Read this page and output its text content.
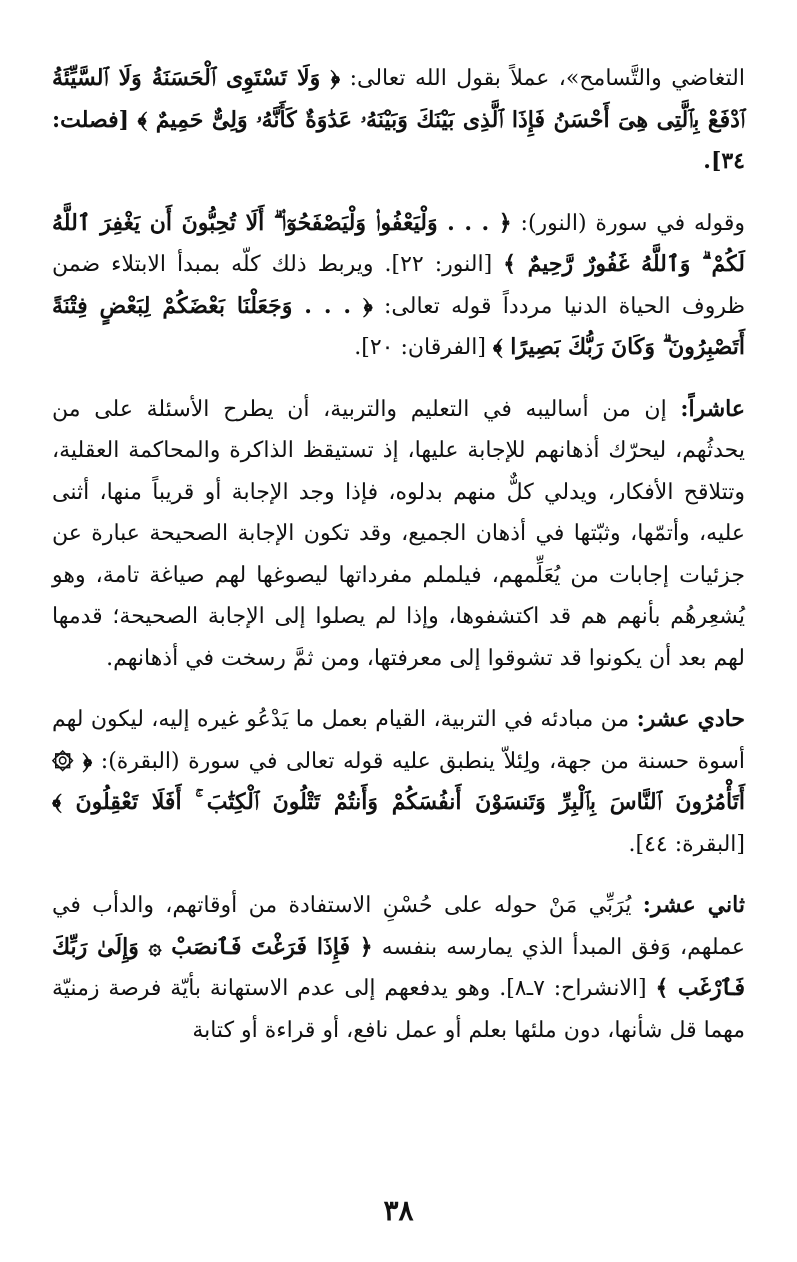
التغاضي والتَّسامح»، عملاً بقول الله تعالى: ﴿ وَلَا تَسْتَوِى ٱلْحَسَنَةُ وَلَا ٱلسَّيِّئَةُ ٱدْفَعْ بِٱلَّتِى هِىَ أَحْسَنُ فَإِذَا ٱلَّذِى بَيْنَكَ وَبَيْنَهُۥ عَدَٰوَةٌ كَأَنَّهُۥ وَلِىٌّ حَمِيمٌ ﴾ [فصلت: ٣٤].

وقوله في سورة (النور): ﴿ . . . وَلْيَعْفُوا۟ وَلْيَصْفَحُوٓا۟ ۗ أَلَا تُحِبُّونَ أَن يَغْفِرَ ٱللَّهُ لَكُمْ ۗ وَٱللَّهُ غَفُورٌ رَّحِيمٌ ﴾ [النور: ٢٢]. ويربط ذلك كلّه بمبدأ الابتلاء ضمن ظروف الحياة الدنيا مردداً قوله تعالى: ﴿ . . . وَجَعَلْنَا بَعْضَكُمْ لِبَعْضٍ فِتْنَةً أَتَصْبِرُونَ ۗ وَكَانَ رَبُّكَ بَصِيرًا ﴾ [الفرقان: ٢٠].

عاشراً: إن من أساليبه في التعليم والتربية، أن يطرح الأسئلة على من يحدثُهم، ليحرّك أذهانهم للإجابة عليها، إذ تستيقظ الذاكرة والمحاكمة العقلية، وتتلاقح الأفكار، ويدلي كلٌّ منهم بدلوه، فإذا وجد الإجابة أو قريباً منها، أثنى عليه، وأتمّها، وثبّتها في أذهان الجميع، وقد تكون الإجابة الصحيحة عبارة عن جزئيات إجابات من يُعَلِّمهم، فيلملم مفرداتها ليصوغها لهم صياغة تامة، وهو يُشعِرهُم بأنهم هم قد اكتشفوها، وإذا لم يصلوا إلى الإجابة الصحيحة؛ قدمها لهم بعد أن يكونوا قد تشوقوا إلى معرفتها، ومن ثمَّ رسخت في أذهانهم.

حادي عشر: من مبادئه في التربية، القيام بعمل ما يَدْعُو غيره إليه، ليكون لهم أسوة حسنة من جهة، ولِئلاّ ينطبق عليه قوله تعالى في سورة (البقرة): ﴿ ۞ أَتَأْمُرُونَ ٱلنَّاسَ بِٱلْبِرِّ وَتَنسَوْنَ أَنفُسَكُمْ وَأَنتُمْ تَتْلُونَ ٱلْكِتَٰبَ ۚ أَفَلَا تَعْقِلُونَ ﴾ [البقرة: ٤٤].

ثاني عشر: يُرَبِّي مَنْ حوله على حُسْنِ الاستفادة من أوقاتهم، والدأب في عملهم، وَفق المبدأ الذي يمارسه بنفسه ﴿ فَإِذَا فَرَغْتَ فَٱنصَبْ ۞ وَإِلَىٰ رَبِّكَ فَٱرْغَب ﴾ [الانشراح: ٧ـ٨]. وهو يدفعهم إلى عدم الاستهانة بأيّة فرصة زمنيّة مهما قل شأنها، دون ملئها بعلم أو عمل نافع، أو قراءة أو كتابة

٣٨
